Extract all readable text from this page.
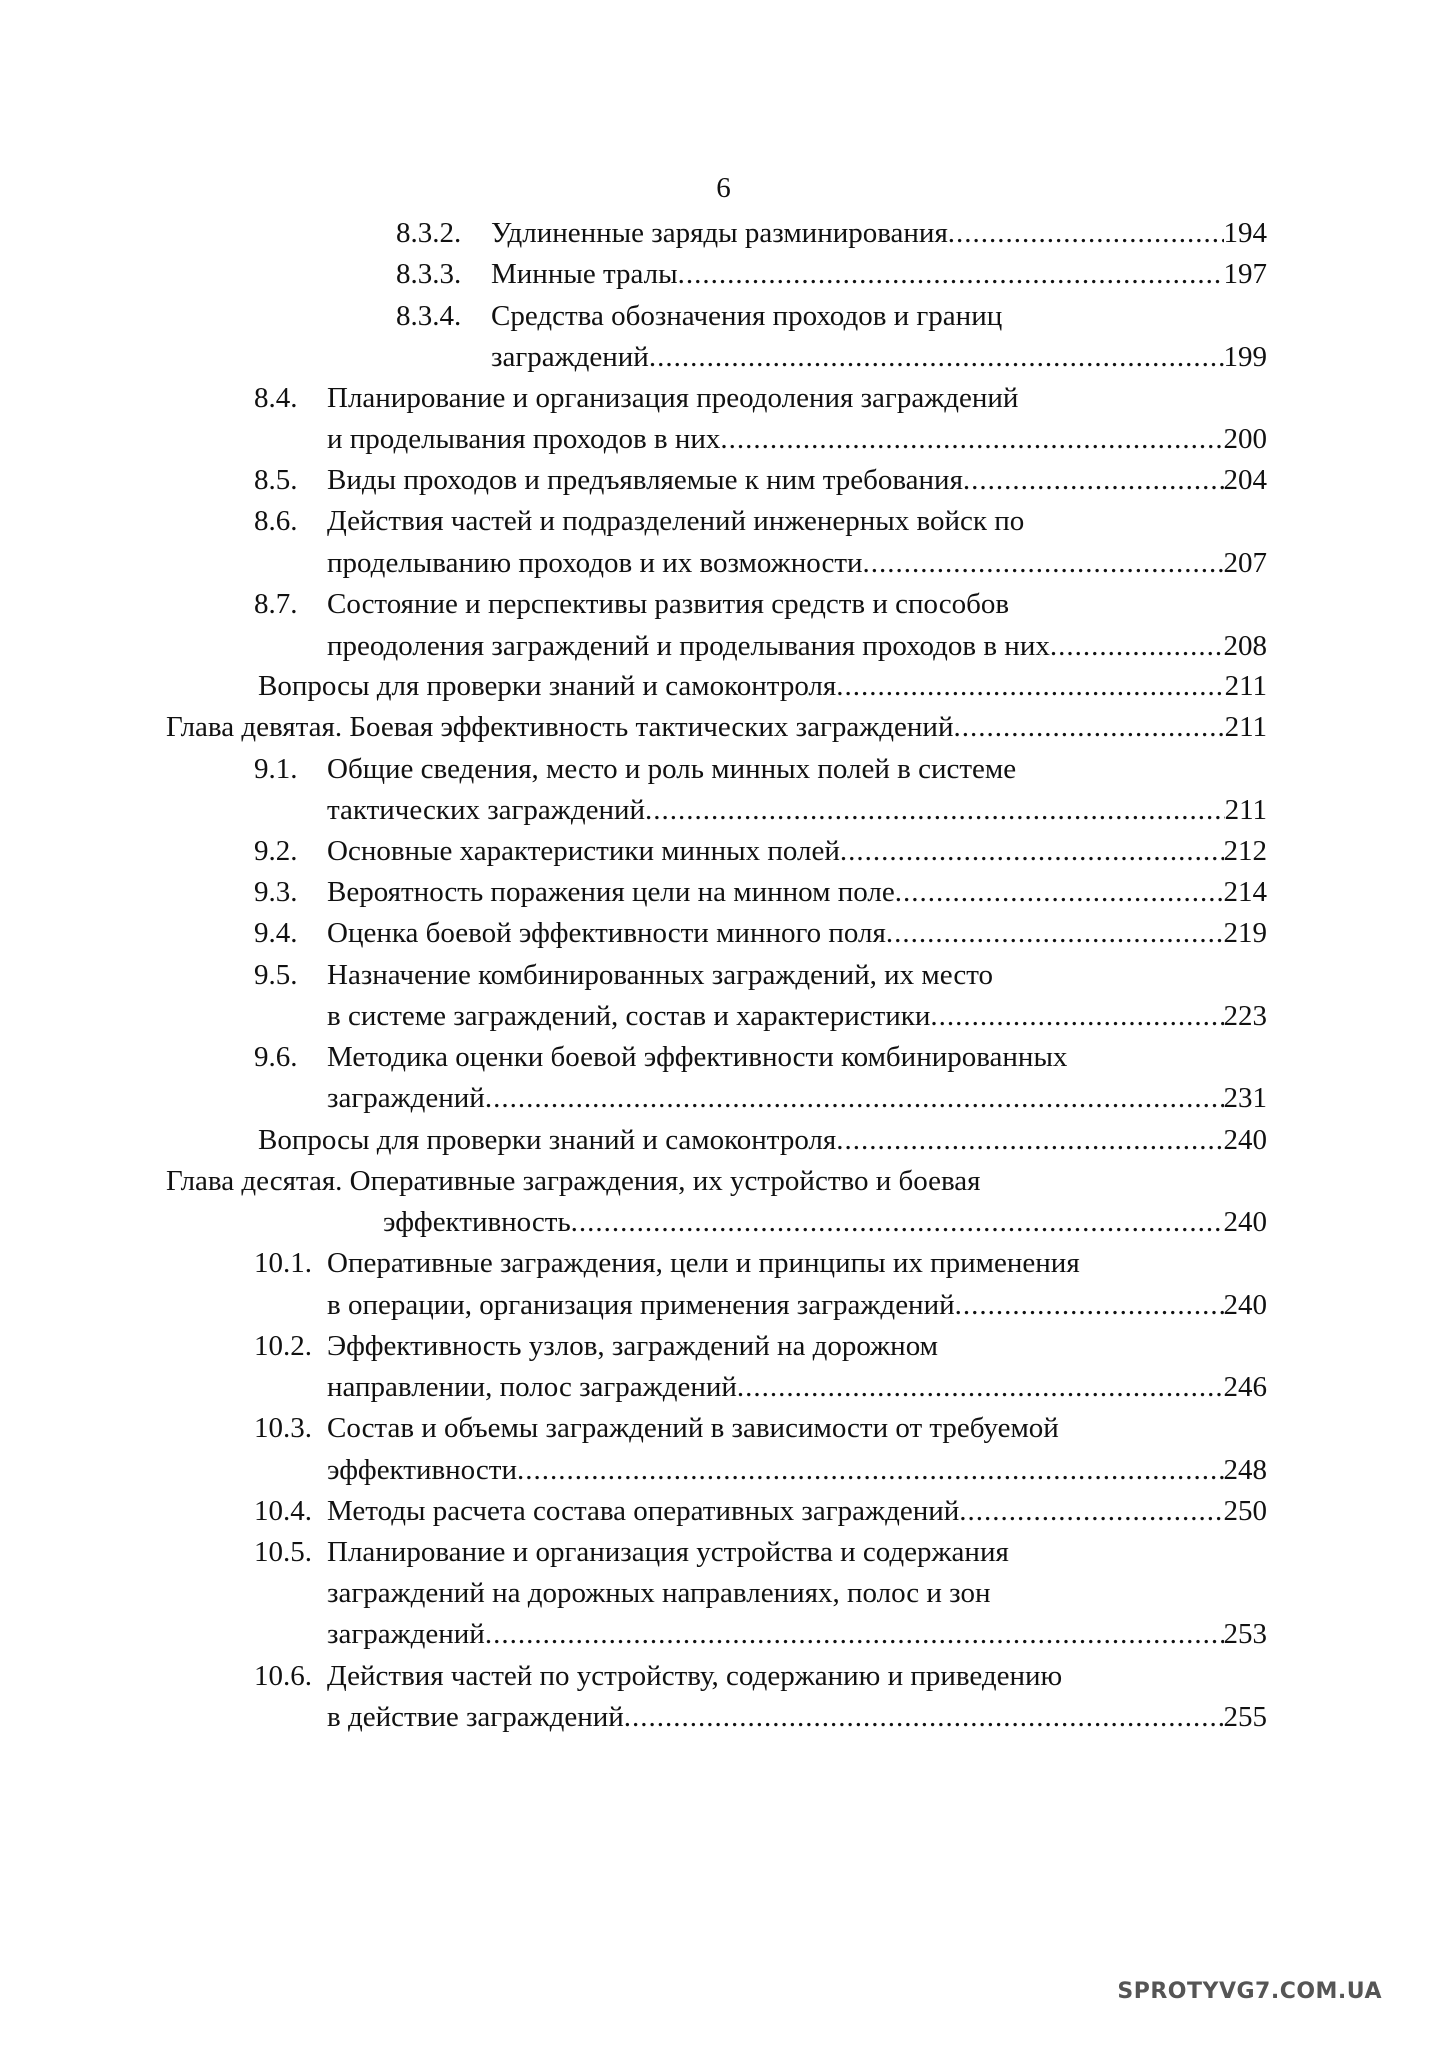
6
8.3.2.	Удлиненные заряды разминирования .....	194
8.3.3.	Минные тралы .....	197
8.3.4.	Средства обозначения проходов и границ
заграждений .....	199
8.4.	Планирование и организация преодоления заграждений
и проделывания проходов в них .....	200
8.5.	Виды проходов и предъявляемые к ним требования .....	204
8.6.	Действия частей и подразделений инженерных войск по
проделыванию проходов и их возможности .....	207
8.7.	Состояние и перспективы развития средств и способов
преодоления заграждений и проделывания проходов в них .....	208
Вопросы для проверки знаний и самоконтроля .....	211
Глава девятая. Боевая эффективность тактических заграждений .....	211
9.1.	Общие сведения, место и роль минных полей в системе
тактических заграждений .....	211
9.2.	Основные характеристики минных полей .....	212
9.3.	Вероятность поражения цели на минном поле .....	214
9.4.	Оценка боевой эффективности минного поля .....	219
9.5.	Назначение комбинированных заграждений, их место
в системе заграждений, состав и характеристики .....	223
9.6.	Методика оценки боевой эффективности комбинированных
заграждений .....	231
Вопросы для проверки знаний и самоконтроля .....	240
Глава десятая. Оперативные заграждения, их устройство и боевая
эффективность .....	240
10.1. Оперативные заграждения, цели и принципы их применения
в операции, организация применения заграждений .....	240
10.2. Эффективность узлов, заграждений на дорожном
направлении, полос заграждений .....	246
10.3. Состав и объемы заграждений в зависимости от требуемой
эффективности .....	248
10.4. Методы расчета состава оперативных заграждений .....	250
10.5. Планирование и организация устройства и содержания
заграждений на дорожных направлениях, полос и зон
заграждений .....	253
10.6. Действия частей по устройству, содержанию и приведению
в действие заграждений .....	255
SPROTYVG7.COM.UA
